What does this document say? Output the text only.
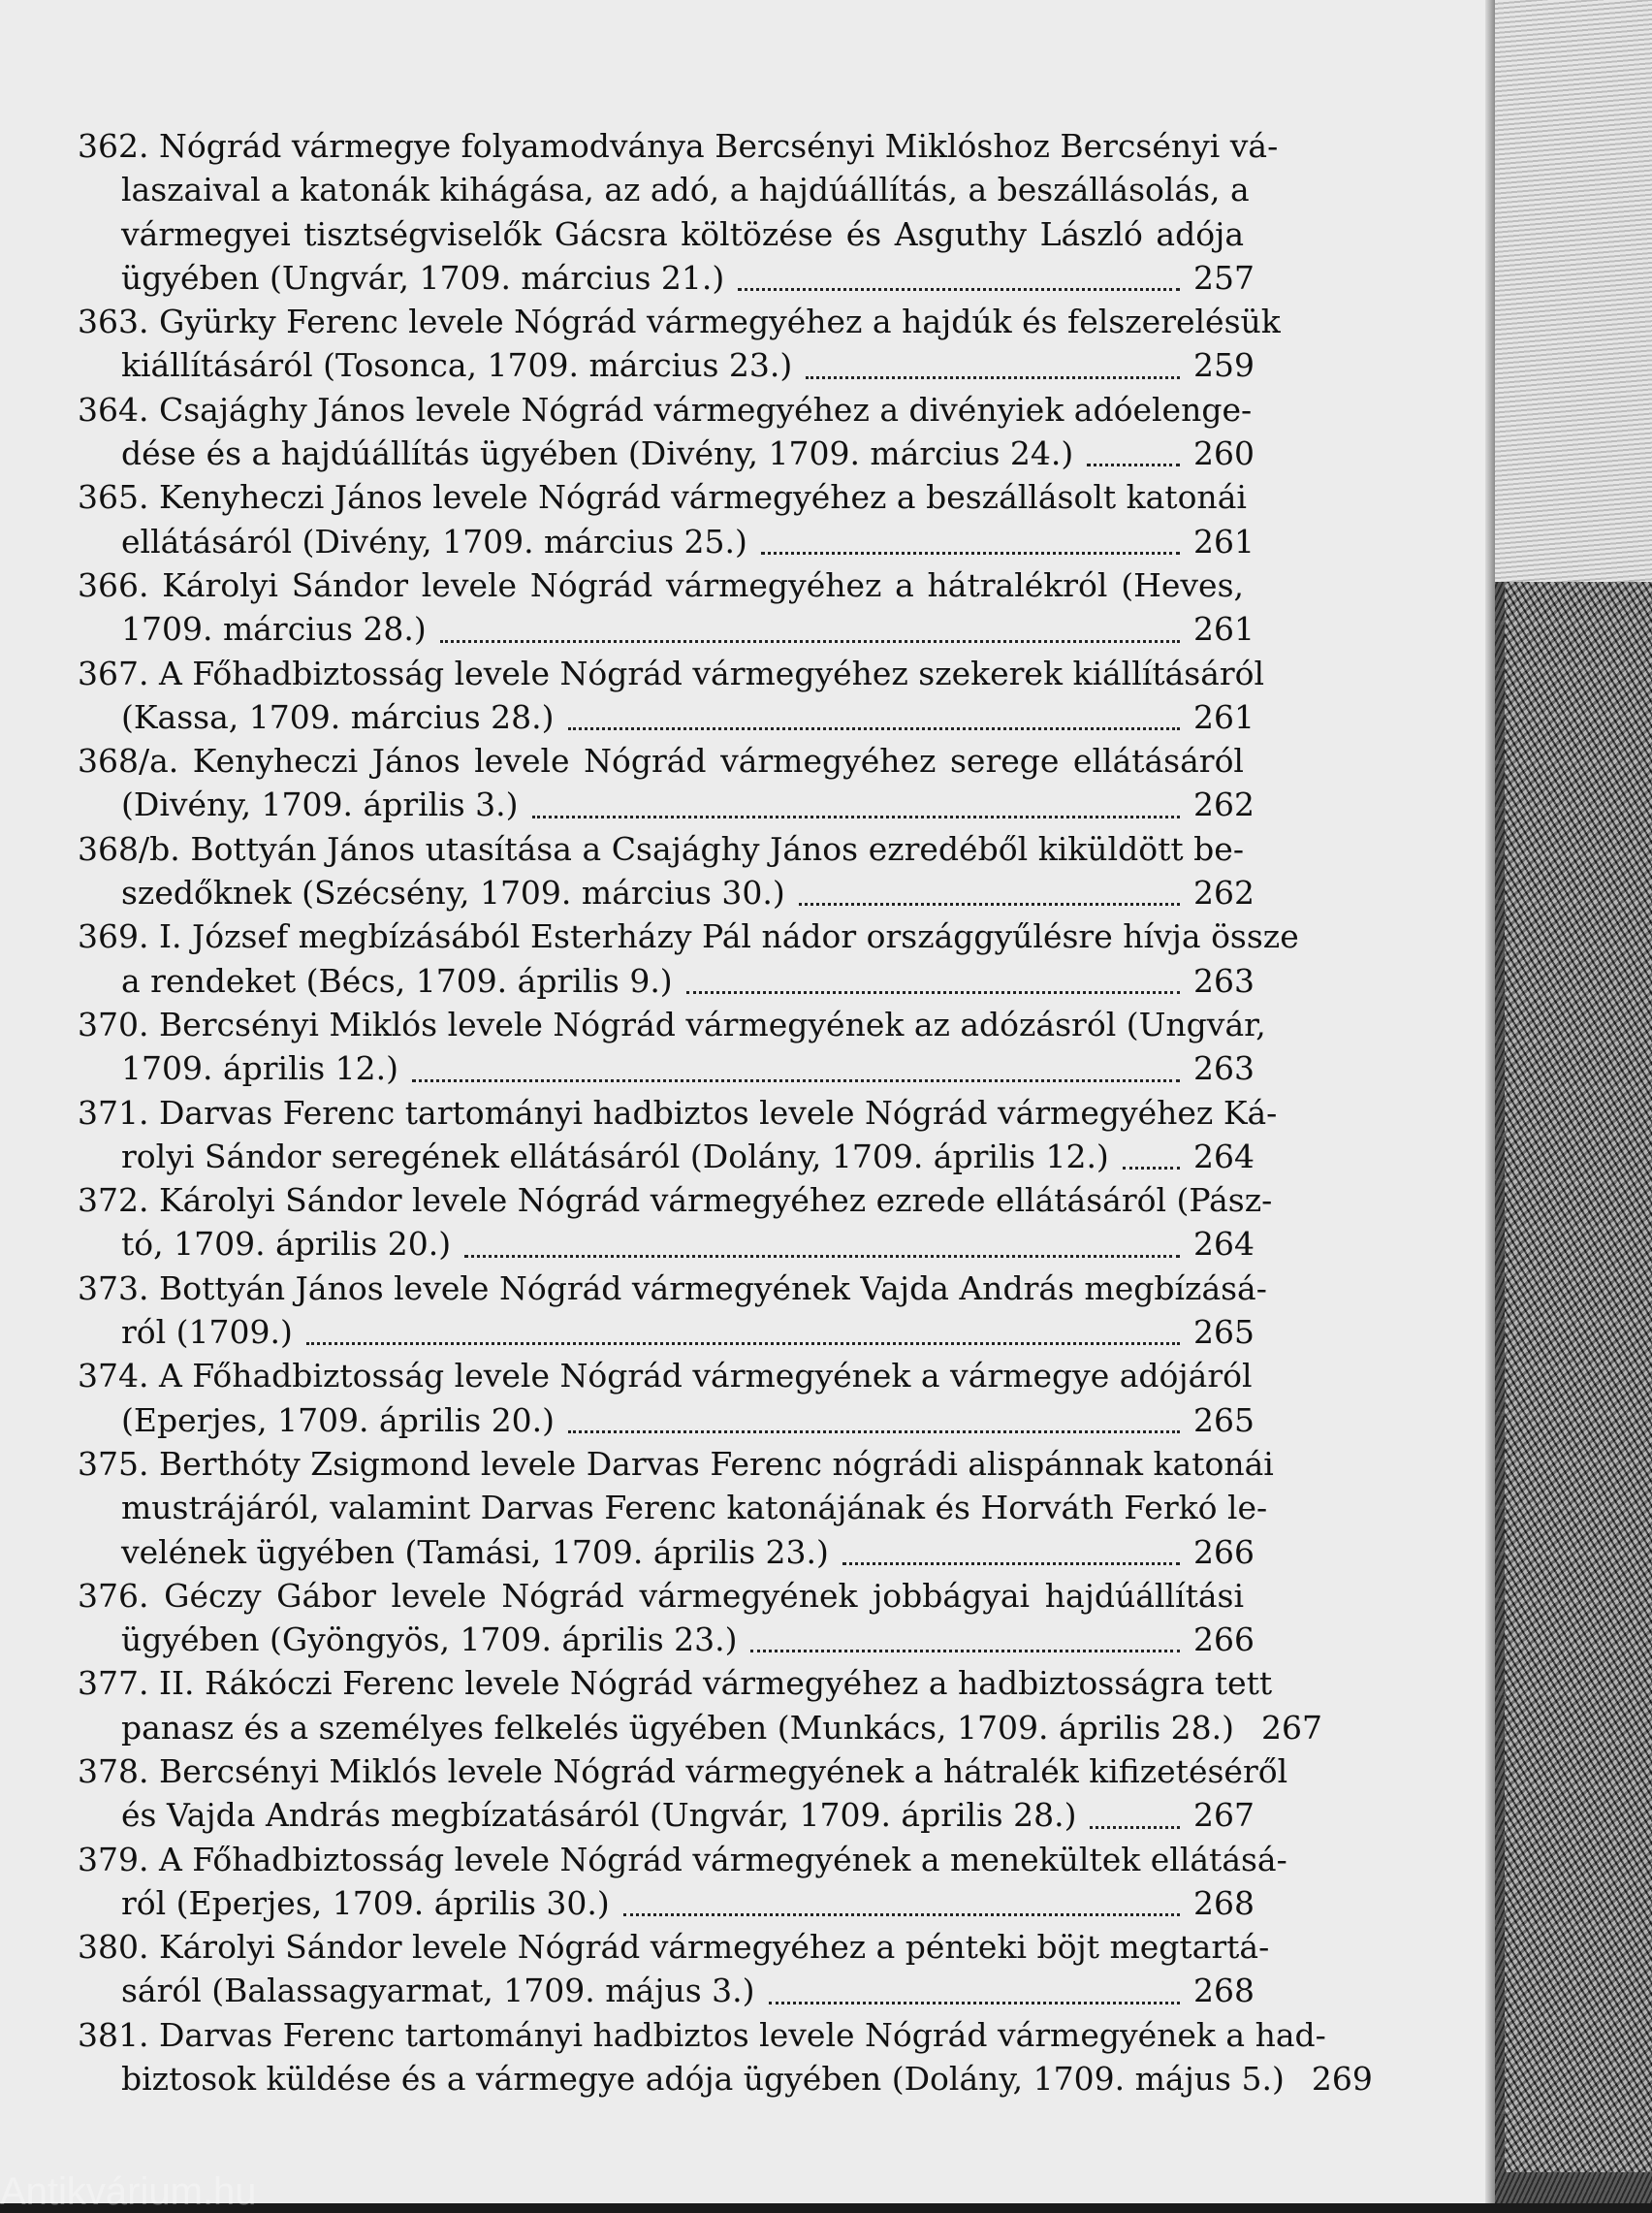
362. Nógrád vármegye folyamodványa Bercsényi Miklóshoz Bercsényi vá-
laszaival a katonák kihágása, az adó, a hajdúállítás, a beszállásolás, a
vármegyei tisztségviselők Gácsra költözése és Asguthy László adója
ügyében (Ungvár, 1709. március 21.)	257
363. Gyürky Ferenc levele Nógrád vármegyéhez a hajdúk és felszerelésük
kiállításáról (Tosonca, 1709. március 23.)	259
364. Csajághy János levele Nógrád vármegyéhez a divényiek adóelenge-
dése és a hajdúállítás ügyében (Divény, 1709. március 24.)	260
365. Kenyheczi János levele Nógrád vármegyéhez a beszállásolt katonái
ellátásáról (Divény, 1709. március 25.)	261
366. Károlyi Sándor levele Nógrád vármegyéhez a hátralékról (Heves,
1709. március 28.)	261
367. A Főhadbiztosság levele Nógrád vármegyéhez szekerek kiállításáról
(Kassa, 1709. március 28.)	261
368/a. Kenyheczi János levele Nógrád vármegyéhez serege ellátásáról
(Divény, 1709. április 3.)	262
368/b. Bottyán János utasítása a Csajághy János ezredéből kiküldött be-
szedőknek (Szécsény, 1709. március 30.)	262
369. I. József megbízásából Esterházy Pál nádor országgyűlésre hívja össze
a rendeket (Bécs, 1709. április 9.)	263
370. Bercsényi Miklós levele Nógrád vármegyének az adózásról (Ungvár,
1709. április 12.)	263
371. Darvas Ferenc tartományi hadbiztos levele Nógrád vármegyéhez Ká-
rolyi Sándor seregének ellátásáról (Dolány, 1709. április 12.)	264
372. Károlyi Sándor levele Nógrád vármegyéhez ezrede ellátásáról (Pász-
tó, 1709. április 20.)	264
373. Bottyán János levele Nógrád vármegyének Vajda András megbízásá-
ról (1709.)	265
374. A Főhadbiztosság levele Nógrád vármegyének a vármegye adójáról
(Eperjes, 1709. április 20.)	265
375. Berthóty Zsigmond levele Darvas Ferenc nógrádi alispánnak katonái
mustrájáról, valamint Darvas Ferenc katonájának és Horváth Ferkó le-
velének ügyében (Tamási, 1709. április 23.)	266
376. Géczy Gábor levele Nógrád vármegyének jobbágyai hajdúállítási
ügyében (Gyöngyös, 1709. április 23.)	266
377. II. Rákóczi Ferenc levele Nógrád vármegyéhez a hadbiztosságra tett
panasz és a személyes felkelés ügyében (Munkács, 1709. április 28.) 267
378. Bercsényi Miklós levele Nógrád vármegyének a hátralék kifizetéséről
és Vajda András megbízatásáról (Ungvár, 1709. április 28.)	267
379. A Főhadbiztosság levele Nógrád vármegyének a menekültek ellátásá-
ról (Eperjes, 1709. április 30.)	268
380. Károlyi Sándor levele Nógrád vármegyéhez a pénteki böjt megtartá-
sáról (Balassagyarmat, 1709. május 3.)	268
381. Darvas Ferenc tartományi hadbiztos levele Nógrád vármegyének a had-
biztosok küldése és a vármegye adója ügyében (Dolány, 1709. május 5.) 269
Antikvárium.hu
